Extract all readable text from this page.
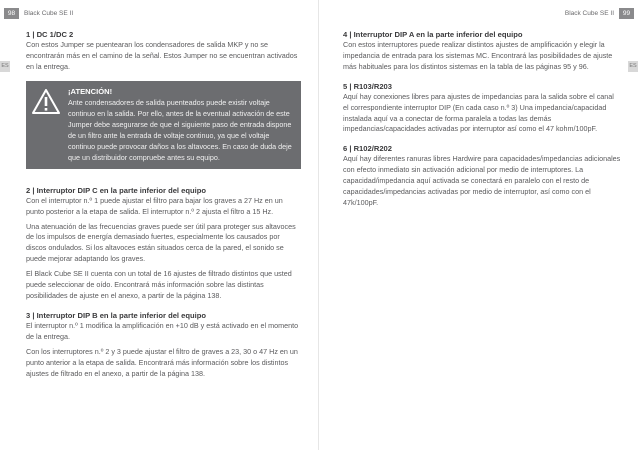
98	Black Cube SE II
ES

1 | DC 1/DC 2

Con estos Jumper se puentearan los condensadores de salida MKP y no se encontrarán más en el camino de la señal. Estos Jumper no se encuentran activados en la entrega.

¡ATENCIÓN!

Ante condensadores de salida puenteados puede existir voltaje continuo en la salida. Por ello, antes de la eventual activación de este Jumper debe asegurarse de que el siguiente paso de entrada dispone de un filtro ante la entrada de voltaje continuo, ya que el voltaje continuo puede provocar daños a los altavoces. En caso de duda deje que un distribuidor compruebe antes su equipo.

2 | Interruptor DIP C en la parte inferior del equipo

Con el interruptor n.º 1 puede ajustar el filtro para bajar los graves a 27 Hz en un punto posterior a la etapa de salida. El interruptor n.º 2 ajusta el filtro a 15 Hz.

Una atenuación de las frecuencias graves puede ser útil para proteger sus altavoces de los impulsos de energía demasiado fuertes, especialmente los causados por discos ondulados. Si los altavoces están situados cerca de la pared, el sonido se puede mejorar adaptando los graves.

El Black Cube SE II cuenta con un total de 16 ajustes de filtrado distintos que usted puede seleccionar de oído. Encontrará más información sobre las distintas posibilidades de ajuste en el anexo, a partir de la página 138.

3 | Interruptor DIP B en la parte inferior del equipo

El interruptor n.º 1 modifica la amplificación en +10 dB y está activado en el momento de la entrega.

Con los interruptores n.º 2 y 3 puede ajustar el filtro de graves a 23, 30 o 47 Hz en un punto anterior a la etapa de salida. Encontrará más información sobre los distintos ajustes de filtrado en el anexo, a partir de la página 138.

Black Cube SE II	99
ES

4 | Interruptor DIP A en la parte inferior del equipo

Con estos interruptores puede realizar distintos ajustes de amplificación y elegir la impedancia de entrada para los sistemas MC. Encontrará las posibilidades de ajuste más habituales para los distintos sistemas en la tabla de las páginas 95 y 96.

5 | R103/R203

Aquí hay conexiones libres para ajustes de impedancias para la salida sobre el canal el correspondiente interruptor DIP (En cada caso n.º 3) Una impedancia/capacidad instalada aquí va a conectar de forma paralela a todas las demás impedancias/capacidades activadas por interruptor así como el 47 kohm/100pF.

6 | R102/R202

Aquí hay diferentes ranuras libres Hardwire para capacidades/impedancias adicionales con efecto inmediato sin activación adicional por medio de interruptores. La capacidad/impedancia aquí activada se conectará en paralelo con el resto de capacidades/impedancias activadas por medio de interruptor, así como con el 47k/100pF.
